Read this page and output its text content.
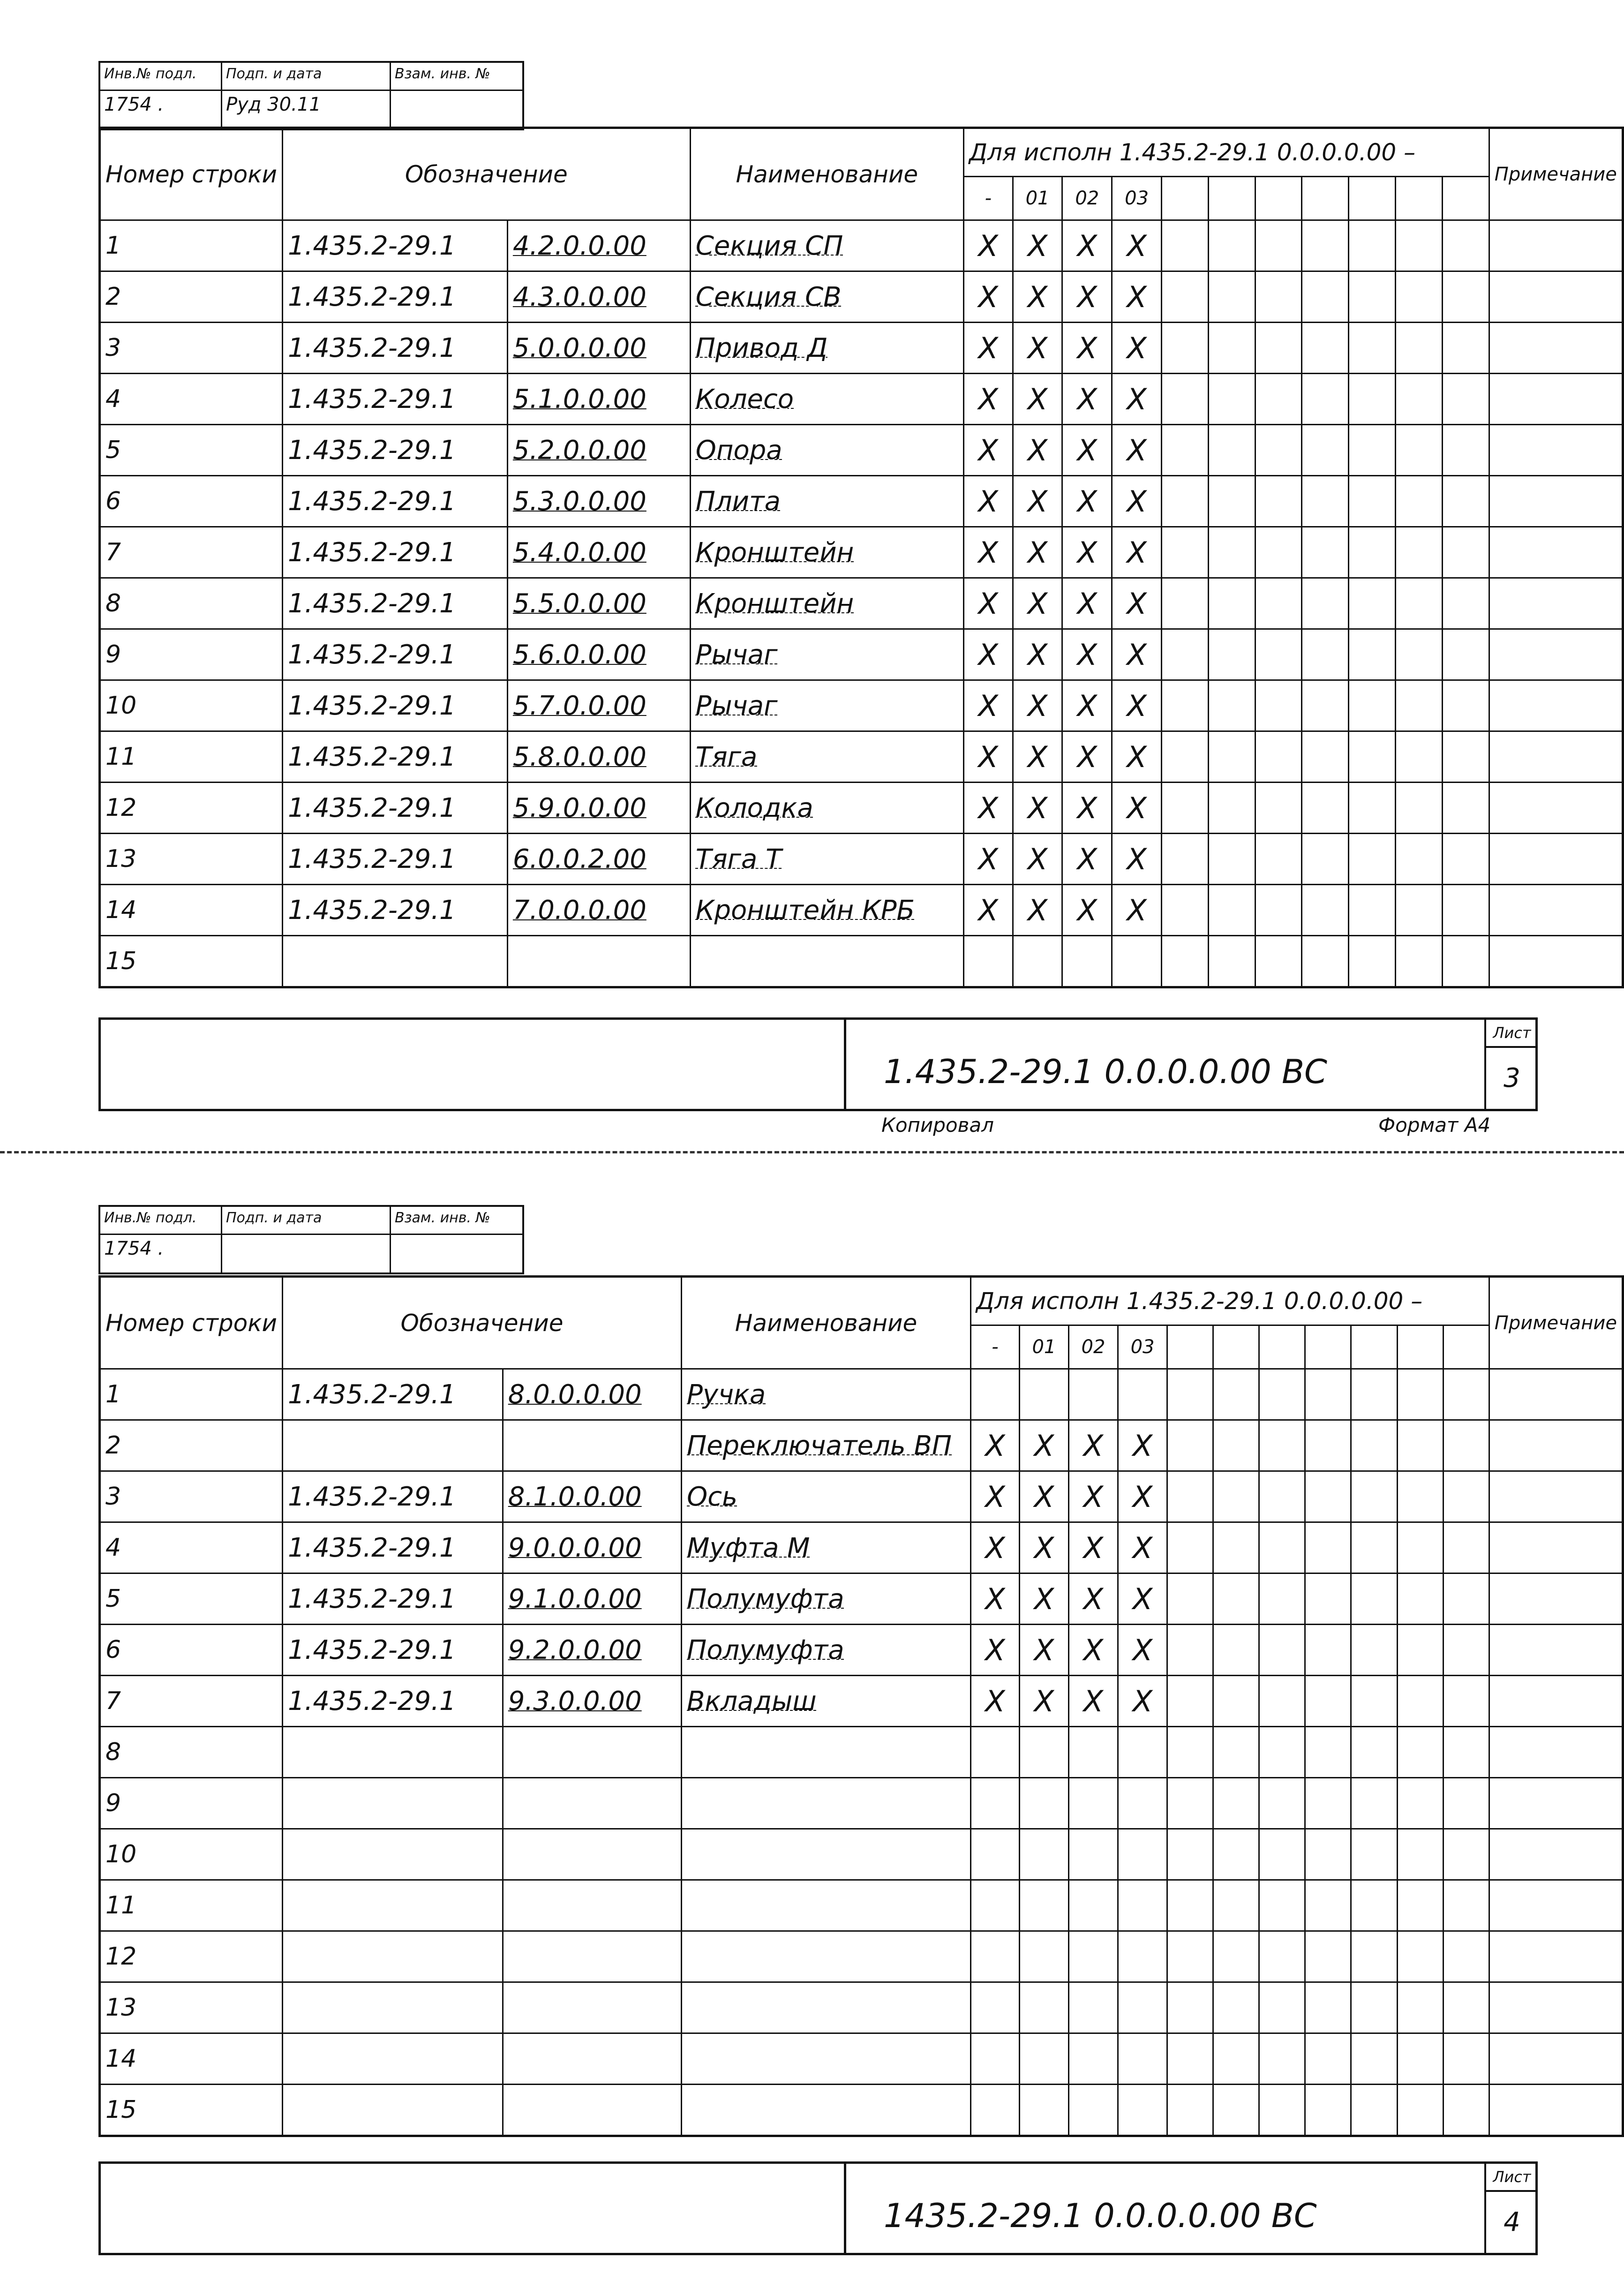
Инв.№ подл.	Подп. и дата	Взам. инв. №
1754 .	Руд 30.11
Номер строки	Обозначение		Наименование	Для исполн 1.435.2-29.1 0.0.0.0.00 –											Примечание
				-	01	02	03								
1	1.435.2-29.1	4.2.0.0.00	Секция СП	X	X	X	X								
2	1.435.2-29.1	4.3.0.0.00	Секция СВ	X	X	X	X								
3	1.435.2-29.1	5.0.0.0.00	Привод Д	X	X	X	X								
4	1.435.2-29.1	5.1.0.0.00	Колесо	X	X	X	X								
5	1.435.2-29.1	5.2.0.0.00	Опора	X	X	X	X								
6	1.435.2-29.1	5.3.0.0.00	Плита	X	X	X	X								
7	1.435.2-29.1	5.4.0.0.00	Кронштейн	X	X	X	X								
8	1.435.2-29.1	5.5.0.0.00	Кронштейн	X	X	X	X								
9	1.435.2-29.1	5.6.0.0.00	Рычаг	X	X	X	X								
10	1.435.2-29.1	5.7.0.0.00	Рычаг	X	X	X	X								
11	1.435.2-29.1	5.8.0.0.00	Тяга	X	X	X	X								
12	1.435.2-29.1	5.9.0.0.00	Колодка	X	X	X	X								
13	1.435.2-29.1	6.0.0.2.00	Тяга Т	X	X	X	X								
14	1.435.2-29.1	7.0.0.0.00	Кронштейн КРБ	X	X	X	X								
15															
1.435.2-29.1 0.0.0.0.00 ВС
Лист
3
Копировал	Формат А4
Инв.№ подл.	Подп. и дата	Взам. инв. №
1754 .
Номер строки	Обозначение		Наименование	Для исполн 1.435.2-29.1 0.0.0.0.00 –											Примечание
				-	01	02	03								
1	1.435.2-29.1	8.0.0.0.00	Ручка												
2			Переключатель ВП	X	X	X	X								
3	1.435.2-29.1	8.1.0.0.00	Ось	X	X	X	X								
4	1.435.2-29.1	9.0.0.0.00	Муфта М	X	X	X	X								
5	1.435.2-29.1	9.1.0.0.00	Полумуфта	X	X	X	X								
6	1.435.2-29.1	9.2.0.0.00	Полумуфта	X	X	X	X								
7	1.435.2-29.1	9.3.0.0.00	Вкладыш	X	X	X	X								
8															
9															
10															
11															
12															
13															
14															
15															
1435.2-29.1 0.0.0.0.00 ВС
Лист
4
